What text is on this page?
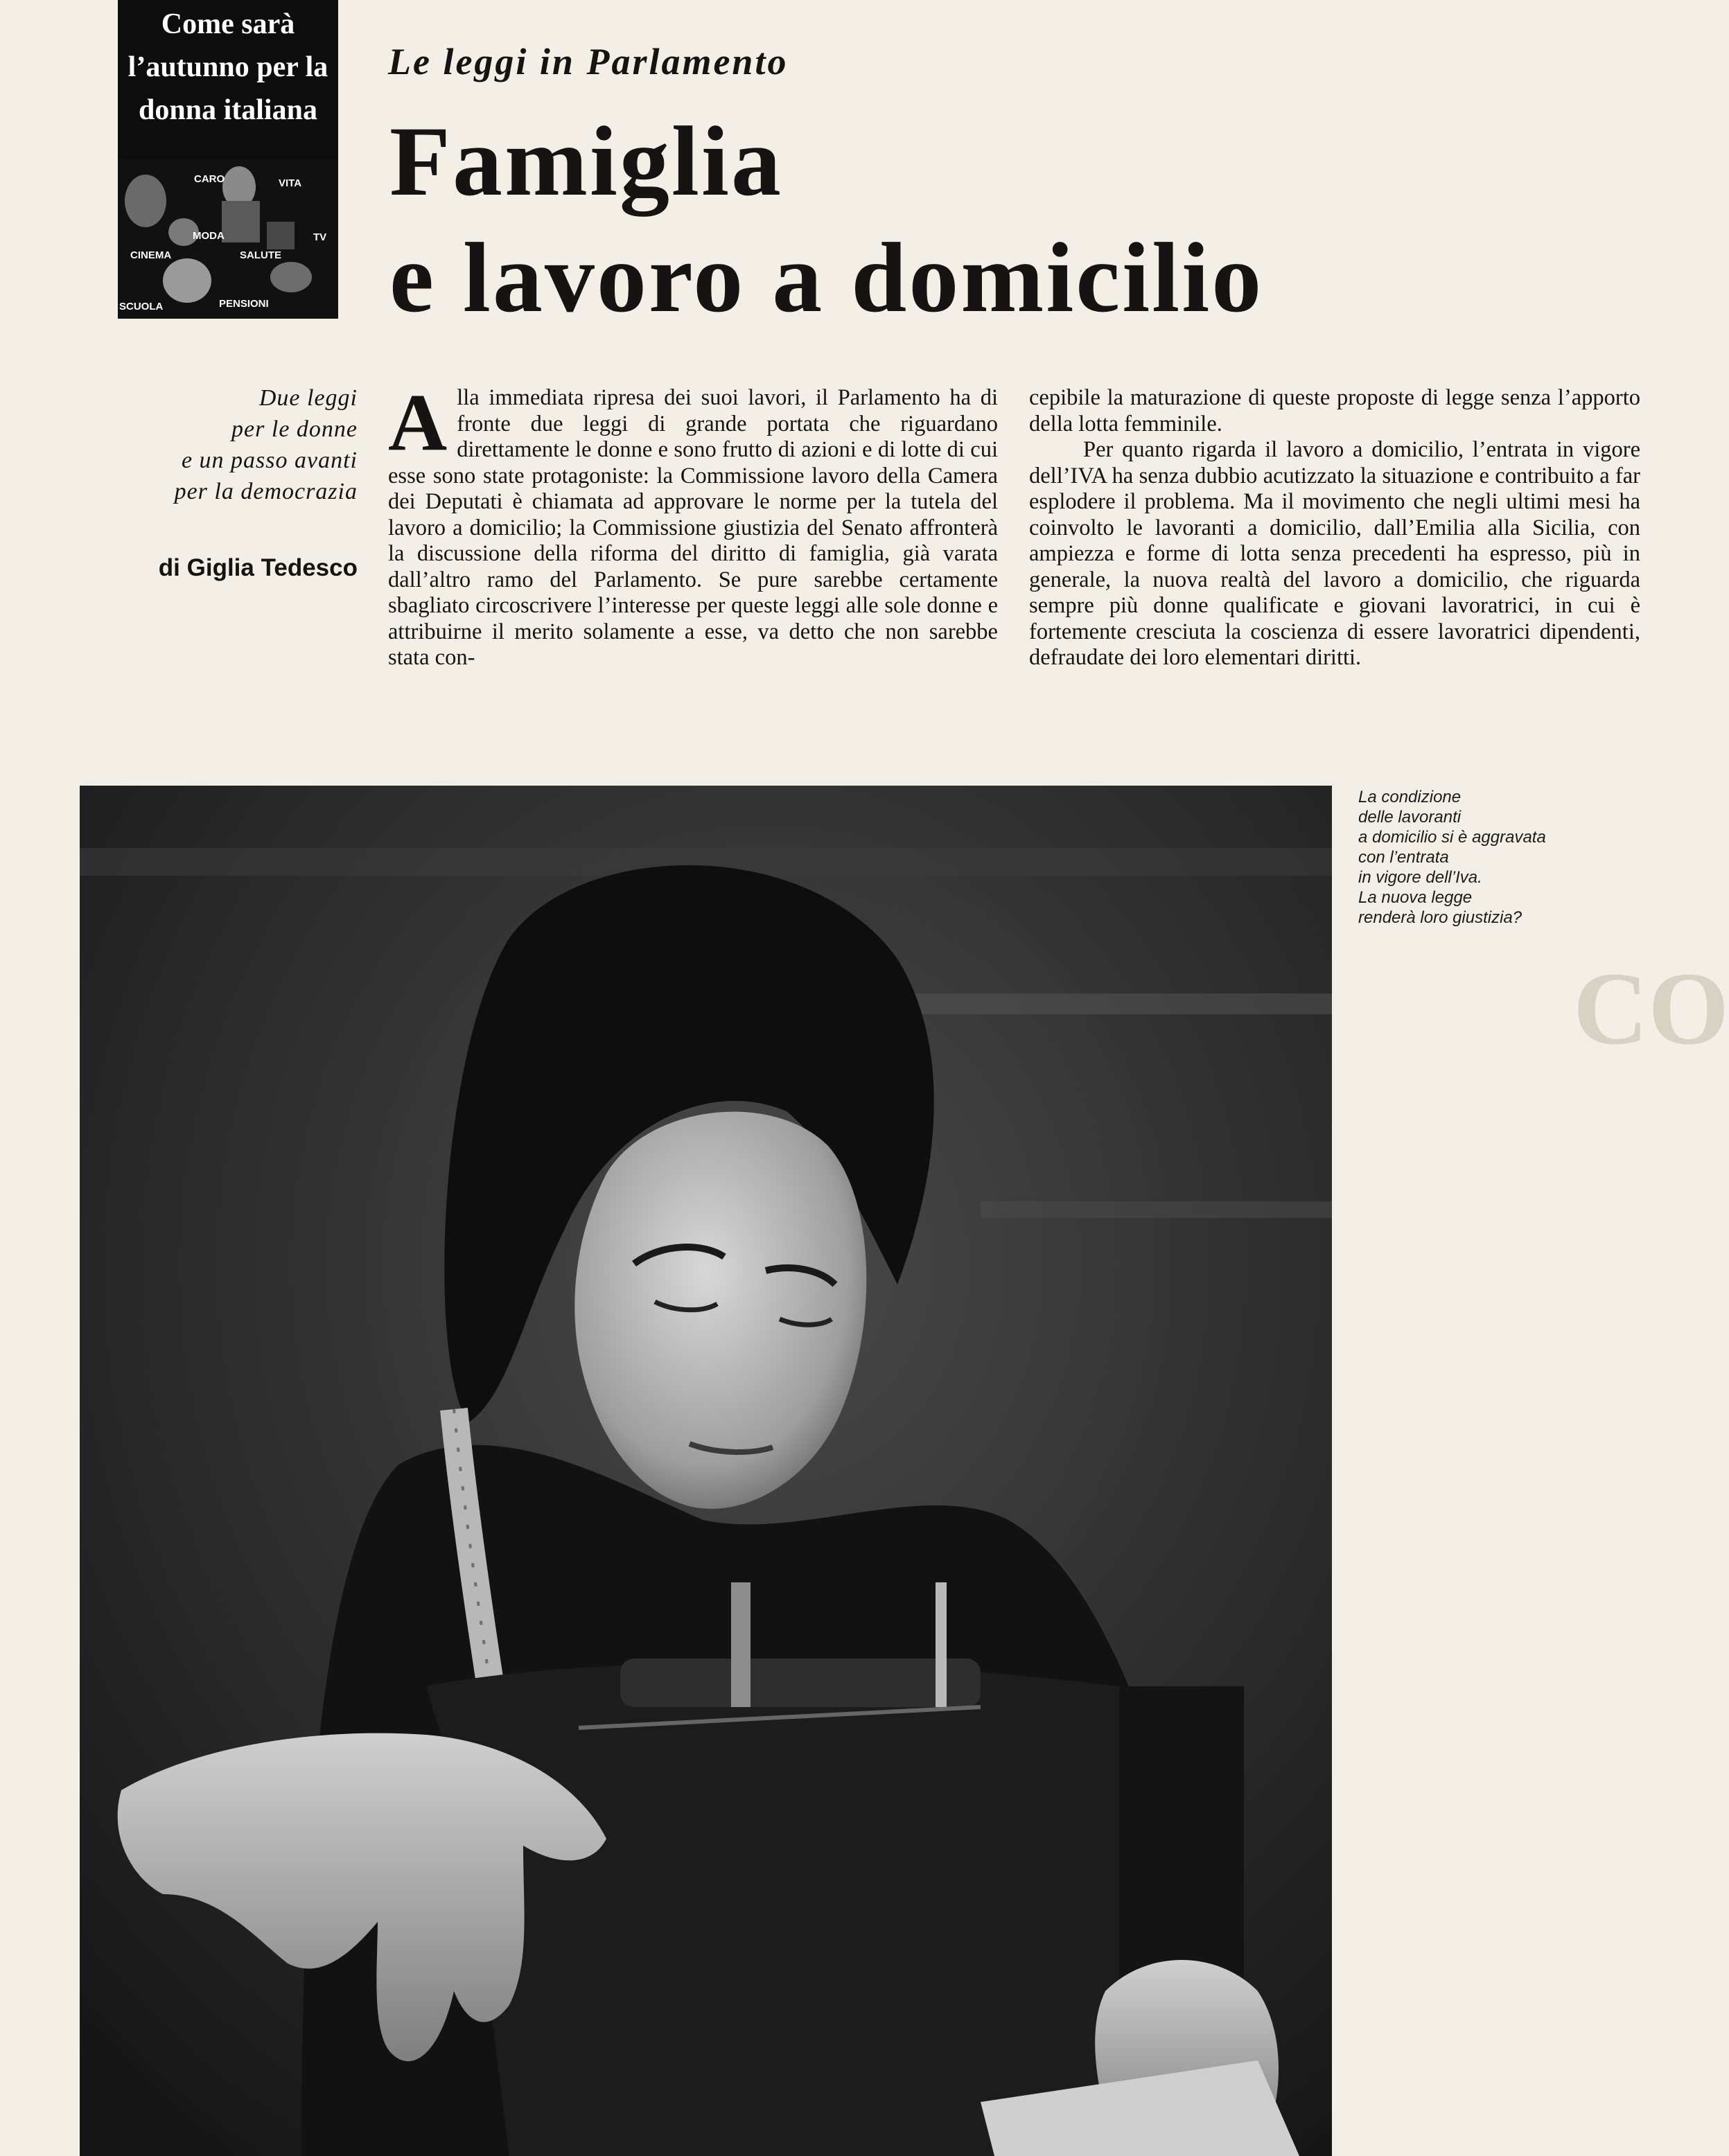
Come sarà l’autunno per la donna italiana
CARO	VITA
MODA	TV
CINEMA	SALUTE
SCUOLA	PENSIONI
Le leggi in Parlamento
Famiglia
e lavoro a domicilio
Due leggi
per le donne
e un passo avanti
per la democrazia
di Giglia Tedesco

Alla immediata ripresa dei suoi lavori, il Parlamento ha di fronte due leggi di grande portata che riguardano direttamente le donne e sono frutto di azioni e di lotte di cui esse sono state protagoniste: la Commissione lavoro della Camera dei Deputati è chiamata ad approvare le norme per la tutela del lavoro a domicilio; la Commissione giustizia del Senato affronterà la discussione della riforma del diritto di famiglia, già varata dall’altro ramo del Parlamento. Se pure sarebbe certamente sbagliato circoscrivere l’interesse per queste leggi alle sole donne e attribuirne il merito solamente a esse, va detto che non sarebbe stata con-

cepibile la maturazione di queste proposte di legge senza l’apporto della lotta femminile.

Per quanto rigarda il lavoro a domicilio, l’entrata in vigore dell’IVA ha senza dubbio acutizzato la situazione e contribuito a far esplodere il problema. Ma il movimento che negli ultimi mesi ha coinvolto le lavoranti a domicilio, dall’Emilia alla Sicilia, con ampiezza e forme di lotta senza precedenti ha espresso, più in generale, la nuova realtà del lavoro a domicilio, che riguarda sempre più donne qualificate e giovani lavoratrici, in cui è fortemente cresciuta la coscienza di essere lavoratrici dipendenti, defraudate dei loro elementari diritti.

CO
La condizione
delle lavoranti
a domicilio si è aggravata
con l’entrata
in vigore dell’Iva.
La nuova legge
renderà loro giustizia?
